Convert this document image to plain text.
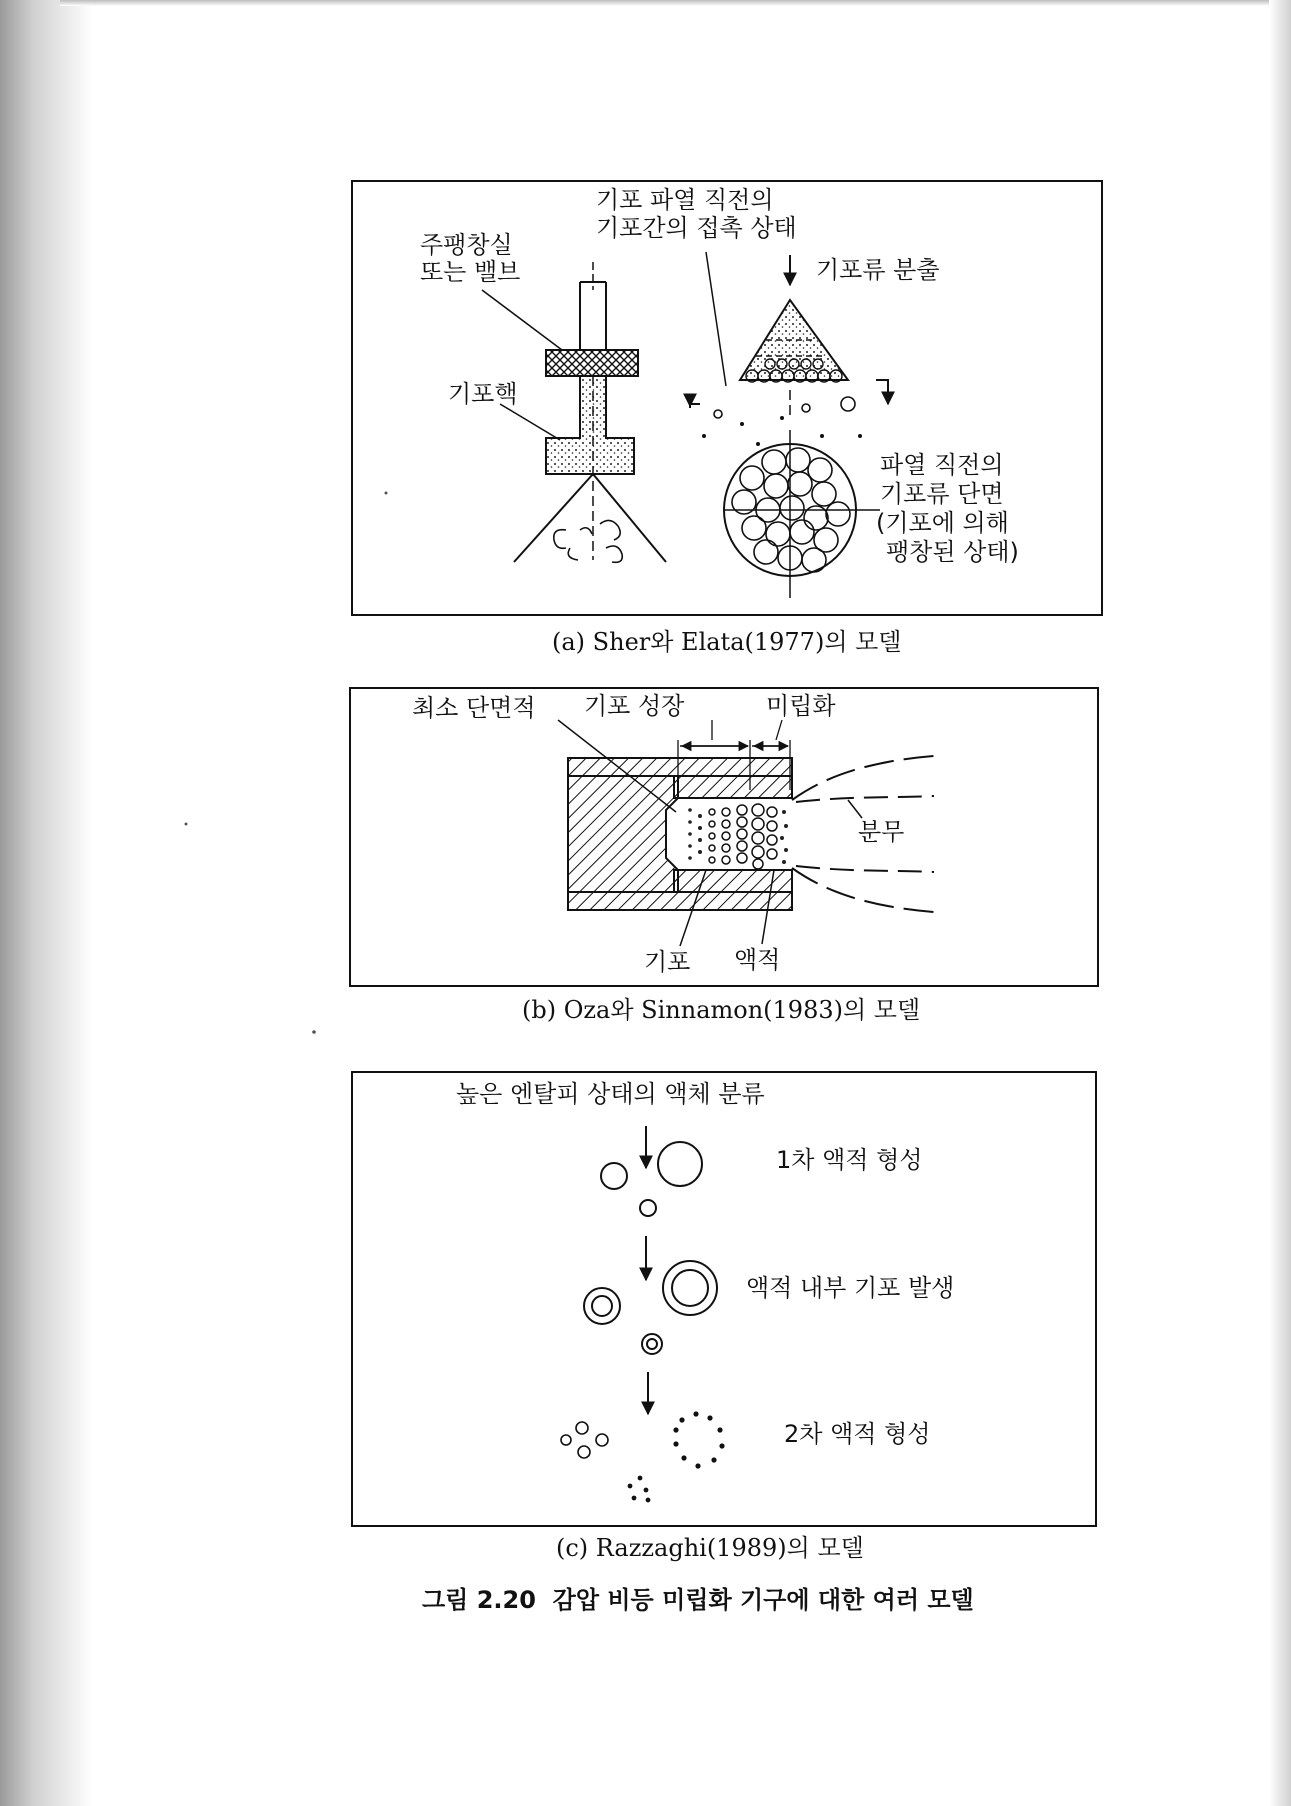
기포 파열 직전의
기포간의 접촉 상태
주팽창실
또는 밸브	기포류 분출
기포핵
파열 직전의
기포류 단면
(기포에 의해
팽창된 상태)
(a) Sher와 Elata(1977)의 모델
최소 단면적 기포 성장	미립화
분무
기포 액적
(b) Oza와 Sinnamon(1983)의 모델
높은 엔탈피 상태의 액체 분류
1차 액적 형성
액적 내부 기포 발생
2차 액적 형성
(c) Razzaghi(1989)의 모델
그림 2.20  감압 비등 미립화 기구에 대한 여러 모델
